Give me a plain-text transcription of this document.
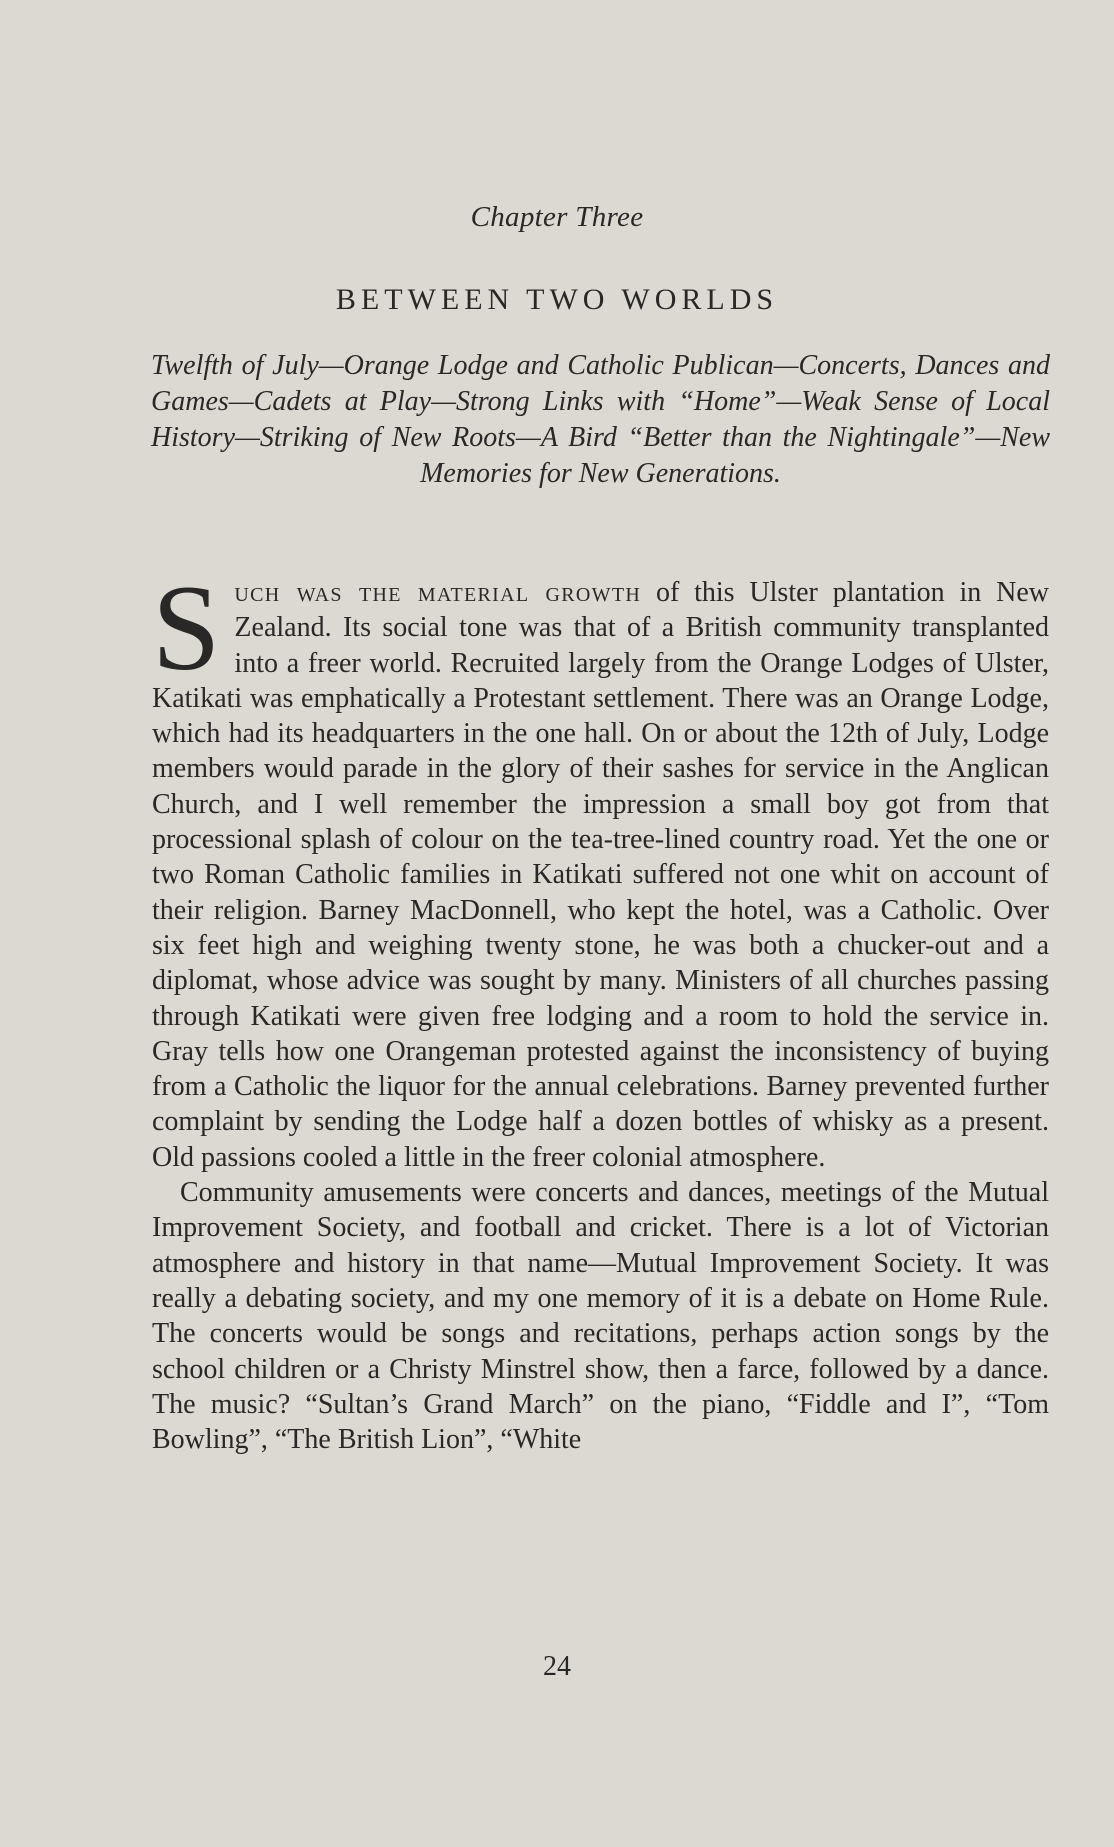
Chapter Three
BETWEEN TWO WORLDS
Twelfth of July—Orange Lodge and Catholic Publican—Concerts, Dances and Games—Cadets at Play—Strong Links with “Home”—Weak Sense of Local History—Striking of New Roots—A Bird “Better than the Nightingale”—New Memories for New Generations.

Such was the material growth of this Ulster plantation in New Zealand. Its social tone was that of a British community transplanted into a freer world. Recruited largely from the Orange Lodges of Ulster, Katikati was emphatically a Protestant settlement. There was an Orange Lodge, which had its headquarters in the one hall. On or about the 12th of July, Lodge members would parade in the glory of their sashes for service in the Anglican Church, and I well remember the impression a small boy got from that processional splash of colour on the tea-tree-lined country road. Yet the one or two Roman Catholic families in Katikati suffered not one whit on account of their religion. Barney MacDonnell, who kept the hotel, was a Catholic. Over six feet high and weighing twenty stone, he was both a chucker-out and a diplomat, whose advice was sought by many. Ministers of all churches passing through Katikati were given free lodging and a room to hold the service in. Gray tells how one Orangeman protested against the inconsistency of buying from a Catholic the liquor for the annual celebrations. Barney prevented further complaint by sending the Lodge half a dozen bottles of whisky as a present. Old passions cooled a little in the freer colonial atmosphere.

Community amusements were concerts and dances, meetings of the Mutual Improvement Society, and football and cricket. There is a lot of Victorian atmosphere and history in that name—Mutual Improvement Society. It was really a debating society, and my one memory of it is a debate on Home Rule. The concerts would be songs and recitations, perhaps action songs by the school children or a Christy Minstrel show, then a farce, followed by a dance. The music? “Sultan’s Grand March” on the piano, “Fiddle and I”, “Tom Bowling”, “The British Lion”, “White

24
